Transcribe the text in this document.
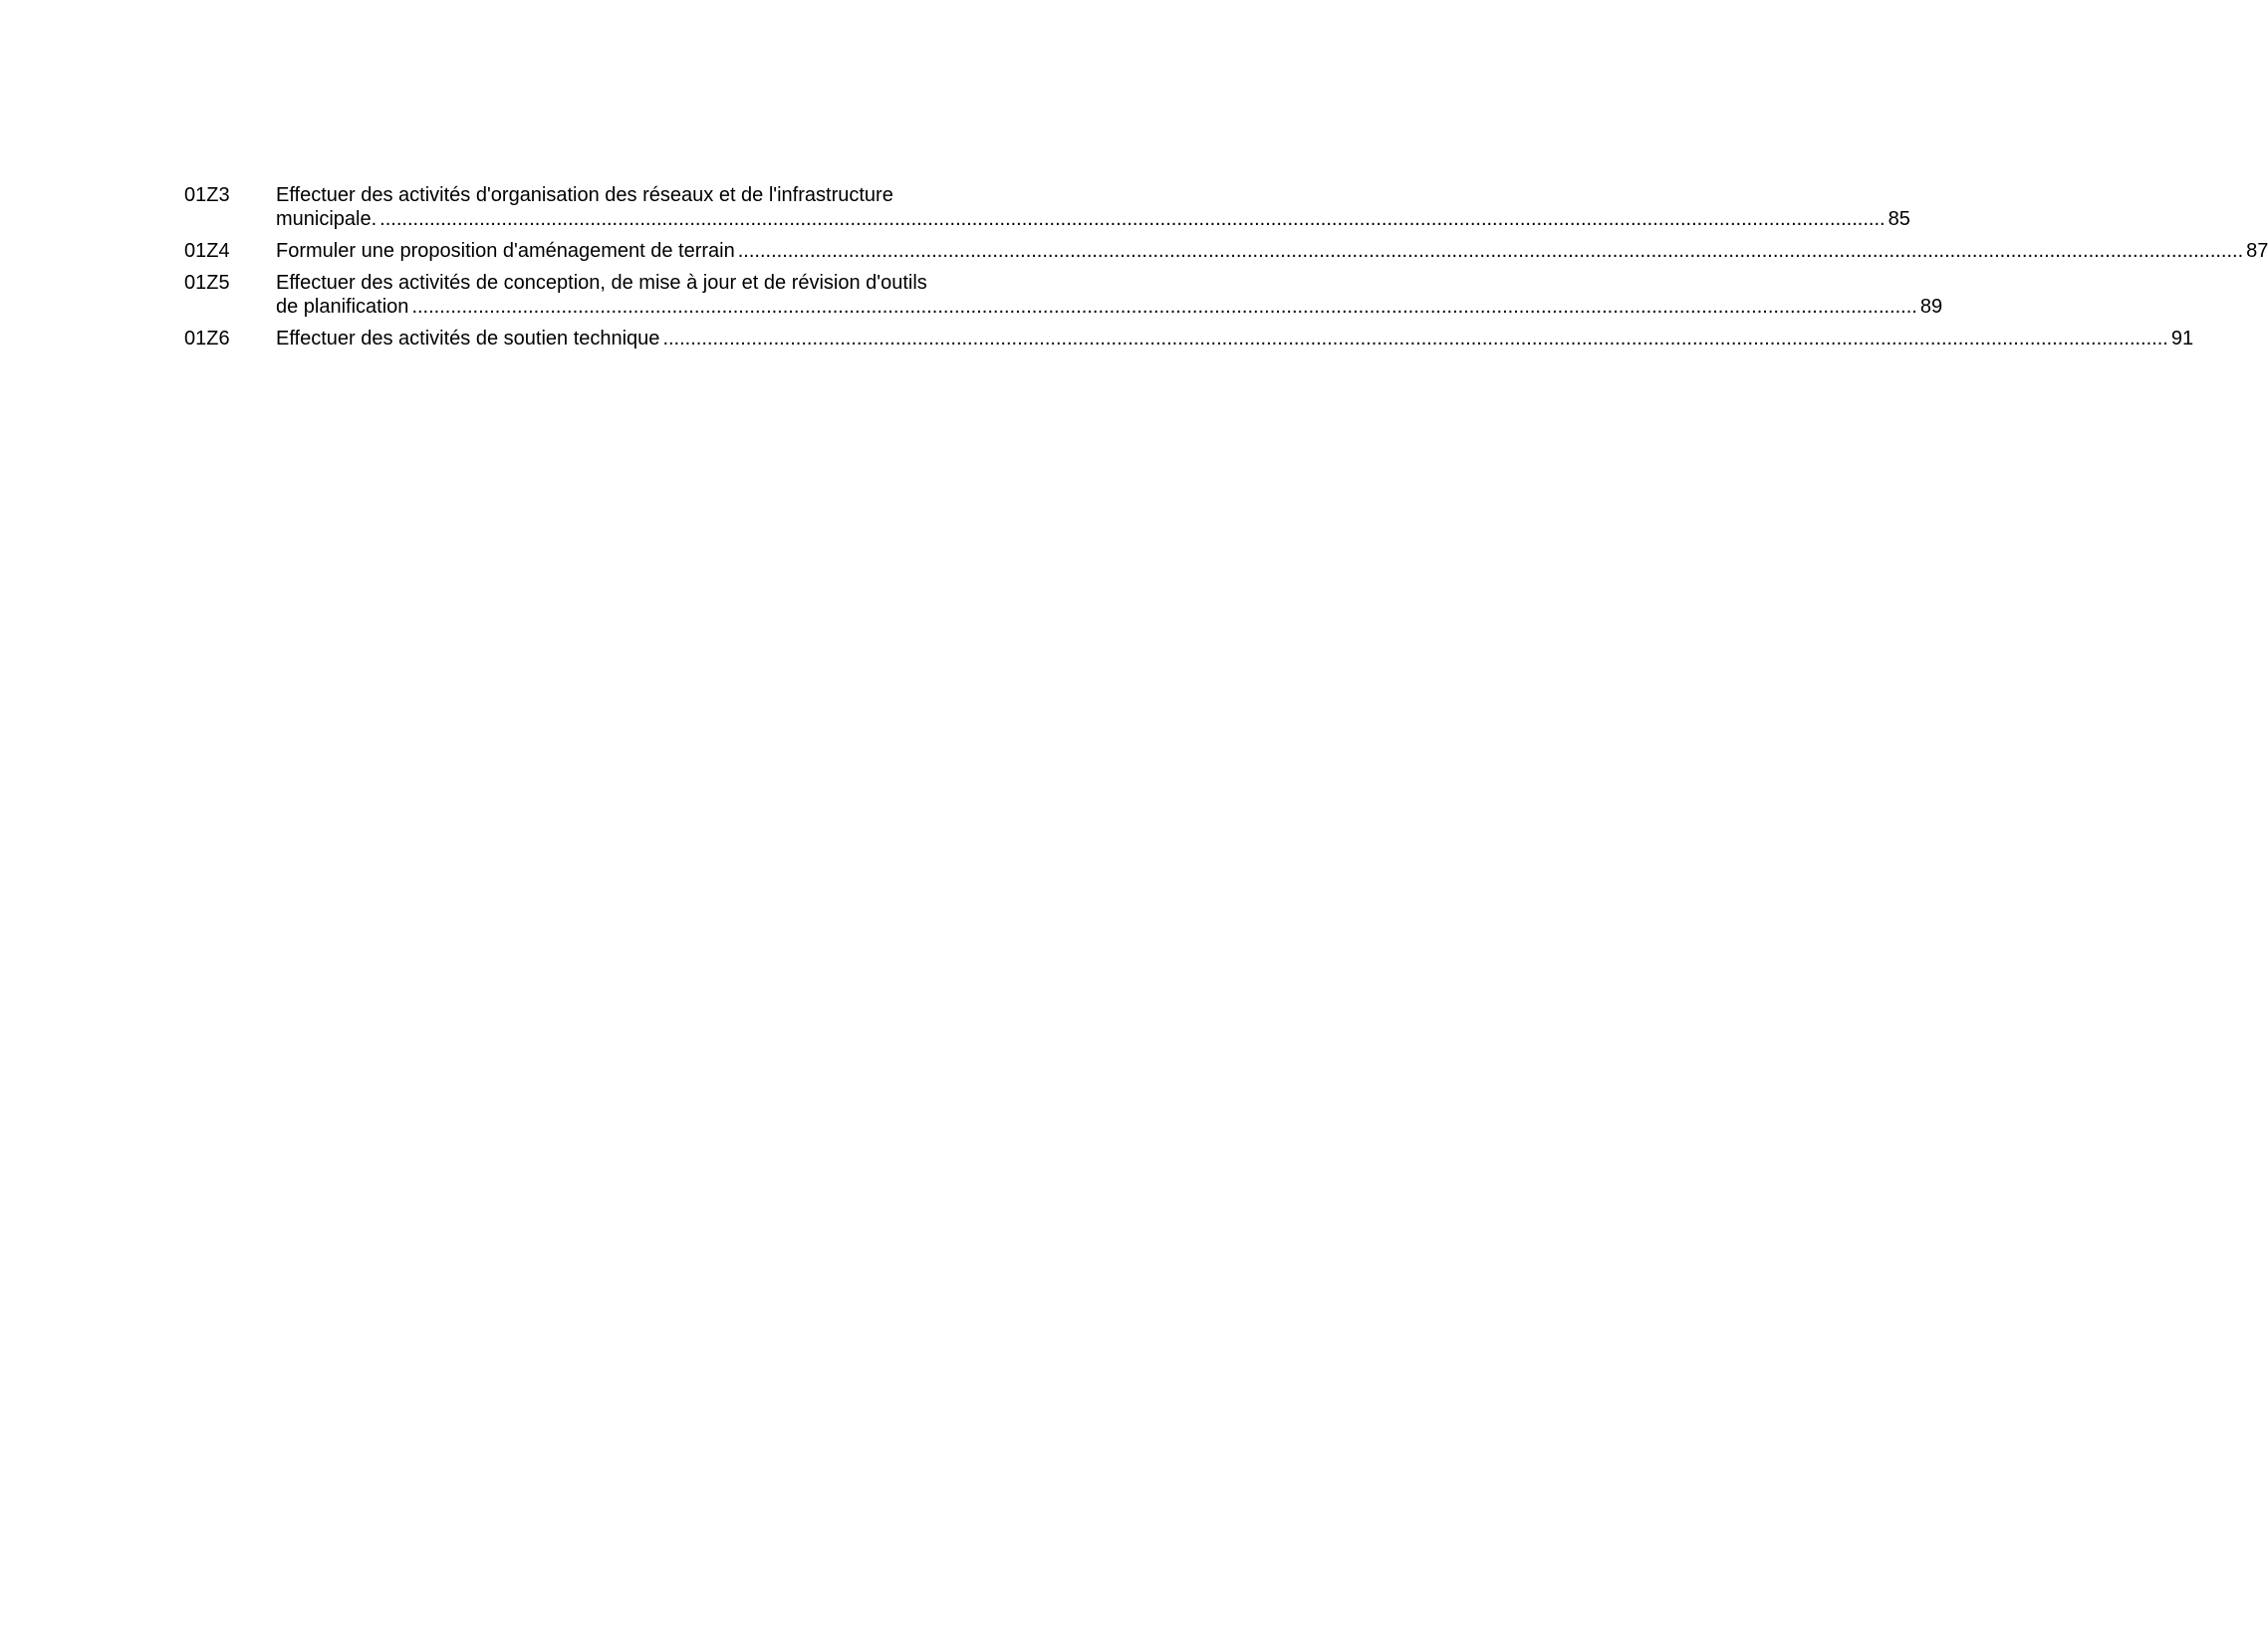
01Z3	Effectuer des activités d'organisation des réseaux et de l'infrastructure
municipale. .....	85
01Z4	Formuler une proposition d'aménagement de terrain .....	87
01Z5	Effectuer des activités de conception, de mise à jour et de révision d'outils
de planification .....	89
01Z6	Effectuer des activités de soutien technique .....	91
